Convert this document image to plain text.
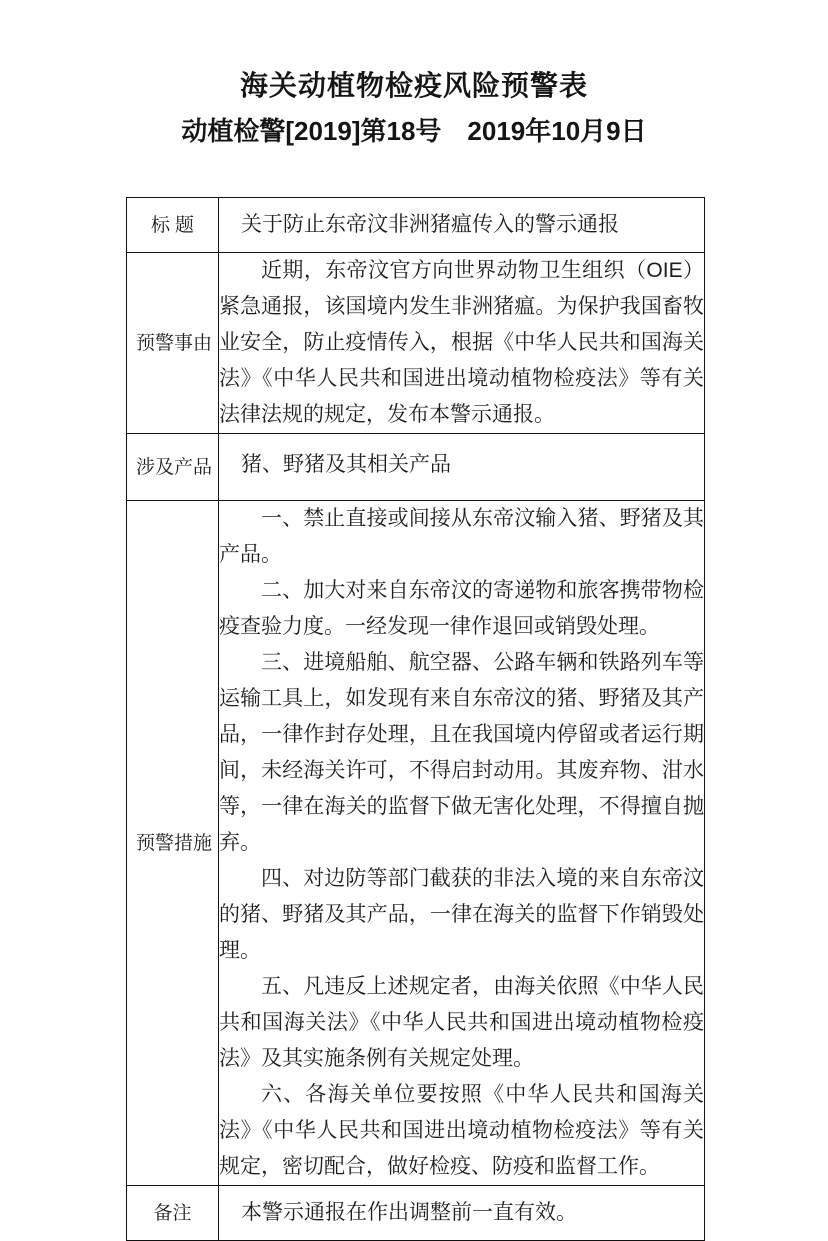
海关动植物检疫风险预警表
动植检警[2019]第18号 2019年10月9日
标题	关于防止东帝汶非洲猪瘟传入的警示通报
预警事由	近期，东帝汶官方向世界动物卫生组织（OIE）紧急通报，该国境内发生非洲猪瘟。为保护我国畜牧业安全，防止疫情传入，根据《中华人民共和国海关法》《中华人民共和国进出境动植物检疫法》等有关法律法规的规定，发布本警示通报。

涉及产品	猪、野猪及其相关产品
预警措施	

一、禁止直接或间接从东帝汶输入猪、野猪及其产品。

二、加大对来自东帝汶的寄递物和旅客携带物检疫查验力度。一经发现一律作退回或销毁处理。

三、进境船舶、航空器、公路车辆和铁路列车等运输工具上，如发现有来自东帝汶的猪、野猪及其产品，一律作封存处理，且在我国境内停留或者运行期间，未经海关许可，不得启封动用。其废弃物、泔水等，一律在海关的监督下做无害化处理，不得擅自抛弃。

四、对边防等部门截获的非法入境的来自东帝汶的猪、野猪及其产品，一律在海关的监督下作销毁处理。

五、凡违反上述规定者，由海关依照《中华人民共和国海关法》《中华人民共和国进出境动植物检疫法》及其实施条例有关规定处理。

六、各海关单位要按照《中华人民共和国海关法》《中华人民共和国进出境动植物检疫法》等有关规定，密切配合，做好检疫、防疫和监督工作。

备注	本警示通报在作出调整前一直有效。
